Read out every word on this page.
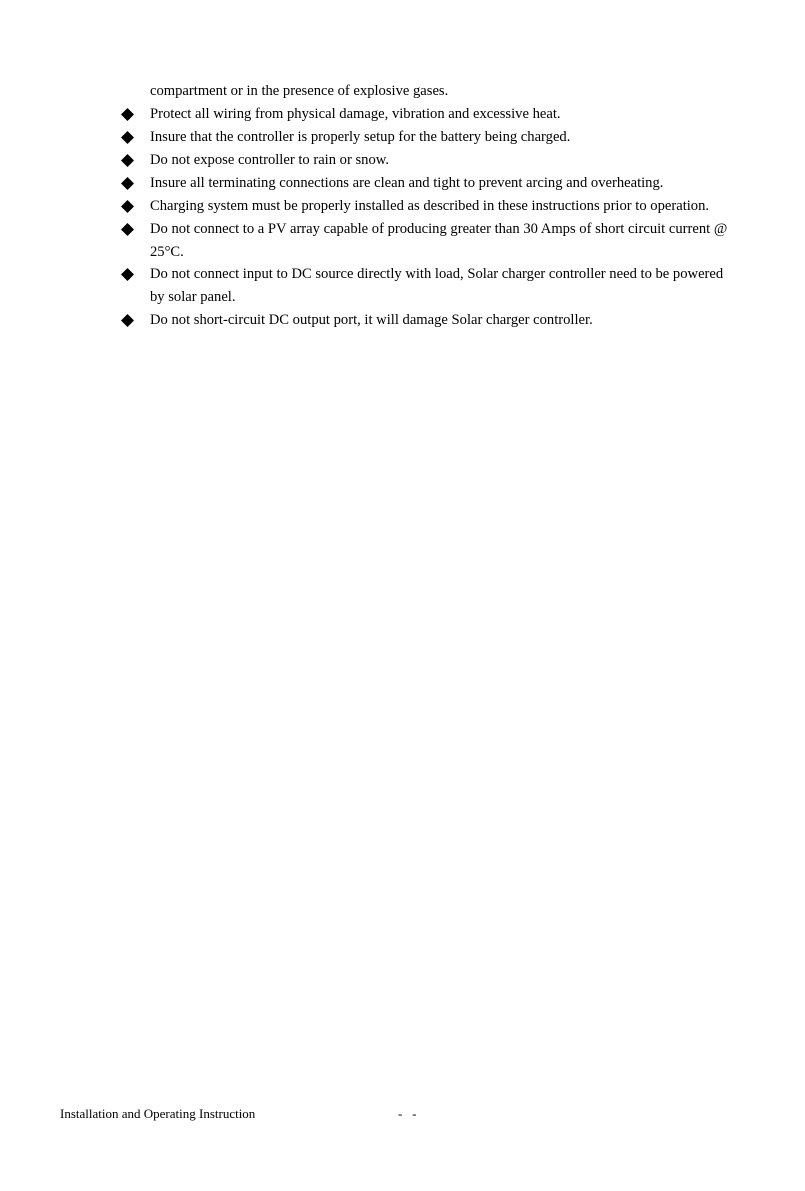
compartment or in the presence of explosive gases.
Protect all wiring from physical damage, vibration and excessive heat.
Insure that the controller is properly setup for the battery being charged.
Do not expose controller to rain or snow.
Insure all terminating connections are clean and tight to prevent arcing and overheating.
Charging system must be properly installed as described in these instructions prior to operation.
Do not connect to a PV array capable of producing greater than 30 Amps of short circuit current @
25°C.
Do not connect input to DC source directly with load, Solar charger controller need to be powered
by solar panel.
Do not short-circuit DC output port, it will damage Solar charger controller.
Installation and Operating Instruction	-   -
